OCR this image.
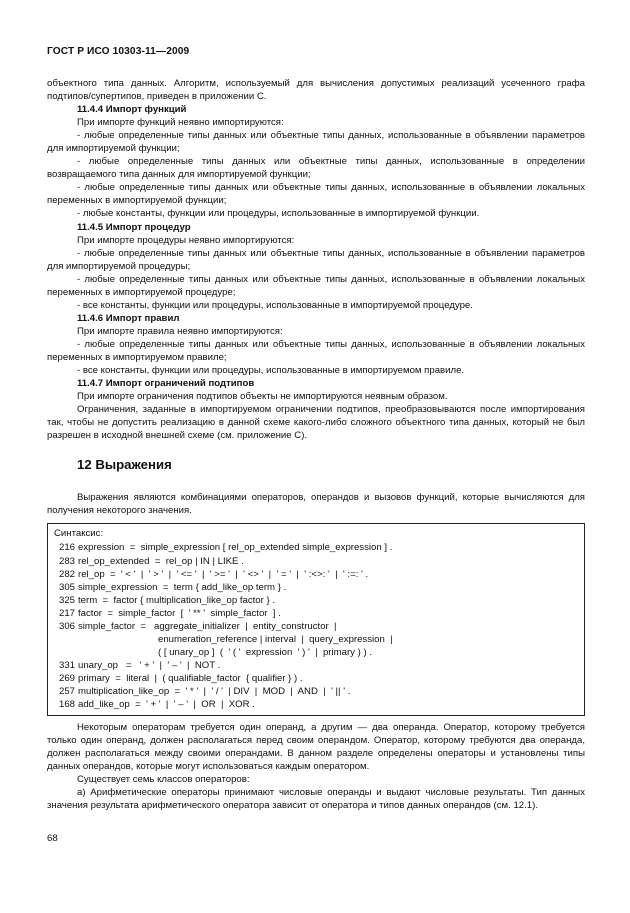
ГОСТ Р ИСО 10303-11—2009

объектного типа данных. Алгоритм, используемый для вычисления допустимых реализаций усеченного графа подтипов/супертипов, приведен в приложении С.

11.4.4 Импорт функций

При импорте функций неявно импортируются:

- любые определенные типы данных или объектные типы данных, использованные в объявлении параметров для импортируемой функции;

- любые определенные типы данных или объектные типы данных, использованные в определении возвращаемого типа данных для импортируемой функции;

- любые определенные типы данных или объектные типы данных, использованные в объявлении локальных переменных в импортируемой функции;

- любые константы, функции или процедуры, использованные в импортируемой функции.

11.4.5 Импорт процедур

При импорте процедуры неявно импортируются:

- любые определенные типы данных или объектные типы данных, использованные в объявлении параметров для импортируемой процедуры;

- любые определенные типы данных или объектные типы данных, использованные в объявлении локальных переменных в импортируемой процедуре;

- все константы, функции или процедуры, использованные в импортируемой процедуре.

11.4.6 Импорт правил

При импорте правила неявно импортируются:

- любые определенные типы данных или объектные типы данных, использованные в объявлении локальных переменных в импортируемом правиле;

- все константы, функции или процедуры, использованные в импортируемом правиле.

11.4.7 Импорт ограничений подтипов

При импорте ограничения подтипов объекты не импортируются неявным образом.

Ограничения, заданные в импортируемом ограничении подтипов, преобразовываются после импортирования так, чтобы не допустить реализацию в данной схеме какого-либо сложного объектного типа данных, который не был разрешен в исходной внешней схеме (см. приложение С).

12 Выражения

Выражения являются комбинациями операторов, операндов и вызовов функций, которые вычисляются для получения некоторого значения.

Синтаксис:
216 expression  =  simple_expression [ rel_op_extended simple_expression ] .
283 rel_op_extended  =  rel_op | IN | LIKE .
282 rel_op  =  ' < '  |  ' > '  |  ' <= '  |  ' >= '  |  ' <> '  |  ' = '  |  ' :<>: '  |  ' :=: ' .
305 simple_expression  =  term { add_like_op term } .
325 term  =  factor { multiplication_like_op factor } .
217 factor  =  simple_factor  [  ' ** '  simple_factor  ] .
306 simple_factor  =   aggregate_initializer  |  entity_constructor  |
enumeration_reference | interval  |  query_expression  |
( [ unary_op ]  (  ' ( '  expression  ' ) '  |  primary ) ) .
331 unary_op   =   ' + '  |  ' – '  |  NOT .
269 primary  =  literal  |  ( qualifiable_factor  { qualifier } ) .
257 multiplication_like_op  =  ' * '  |  ' / '  | DIV  |  MOD  |  AND  |  ' || ' .
168 add_like_op  =  ' + '  |  ' – '  |  OR  |  XOR .

Некоторым операторам требуется один операнд, а другим — два операнда. Оператор, которому требуется только один операнд, должен располагаться перед своим операндом. Оператор, которому требуются два операнда, должен располагаться между своими операндами. В данном разделе определены операторы и установлены типы данных операндов, которые могут использоваться каждым оператором.

Существует семь классов операторов:

а) Арифметические операторы принимают числовые операнды и выдают числовые результаты. Тип данных значения результата арифметического оператора зависит от оператора и типов данных операндов (см. 12.1).

68
